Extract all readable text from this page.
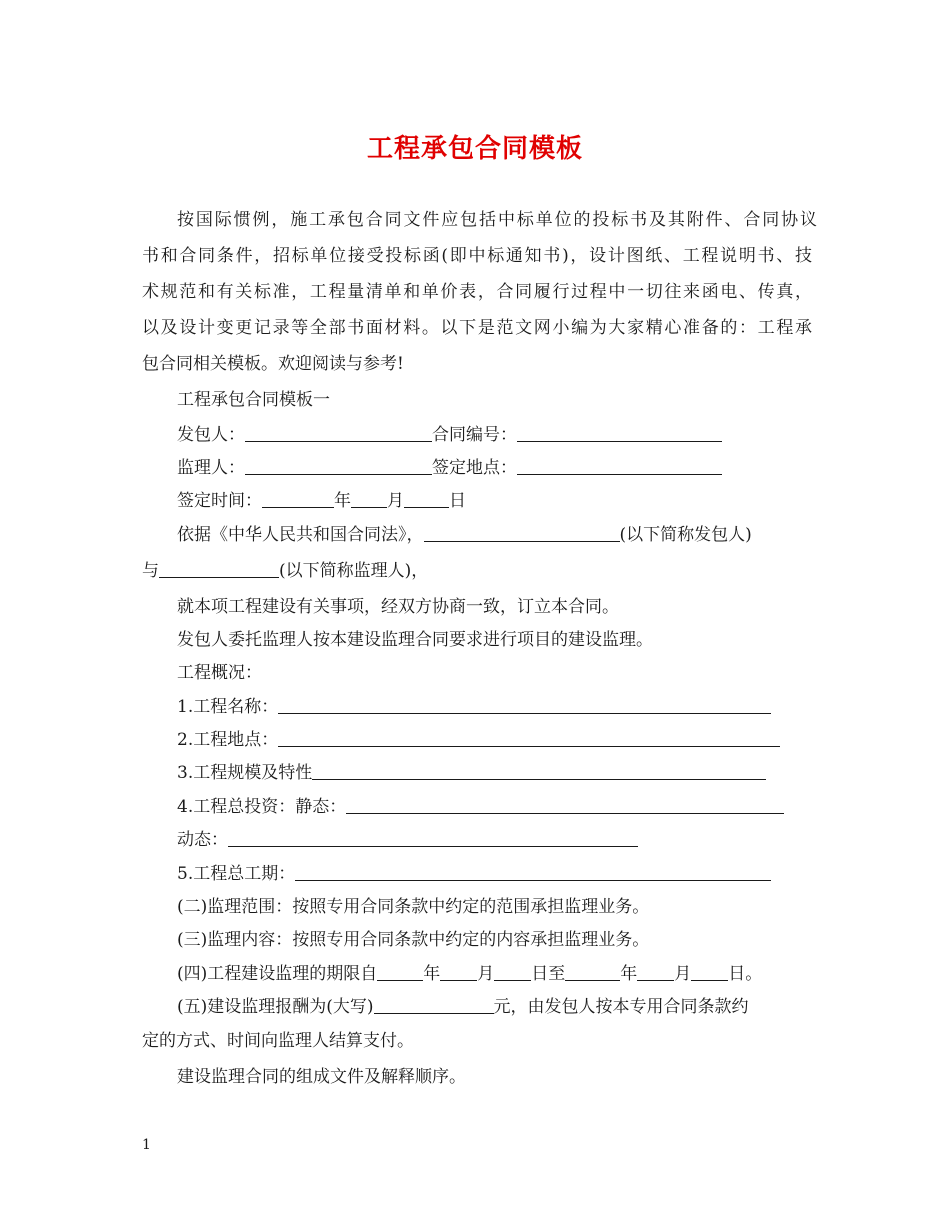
工程承包合同模板
按国际惯例，施工承包合同文件应包括中标单位的投标书及其附件、合同协议
书和合同条件，招标单位接受投标函(即中标通知书)，设计图纸、工程说明书、技
术规范和有关标准，工程量清单和单价表，合同履行过程中一切往来函电、传真，
以及设计变更记录等全部书面材料。以下是范文网小编为大家精心准备的：工程承
包合同相关模板。欢迎阅读与参考!
工程承包合同模板一
发包人：	合同编号：
监理人：	签定地点：
签定时间：	年 月	日
依据《中华人民共和国合同法》，	(以下简称发包人)
与	(以下简称监理人)，
就本项工程建设有关事项，经双方协商一致，订立本合同。
发包人委托监理人按本建设监理合同要求进行项目的建设监理。
工程概况：
1.工程名称：
2.工程地点：
3.工程规模及特性
4.工程总投资：静态：
动态：
5.工程总工期：
(二)监理范围：按照专用合同条款中约定的范围承担监理业务。
(三)监理内容：按照专用合同条款中约定的内容承担监理业务。
(四)工程建设监理的期限自	年 月 日至	年 月 日。
(五)建设监理报酬为(大写)	元，由发包人按本专用合同条款约
定的方式、时间向监理人结算支付。
建设监理合同的组成文件及解释顺序。
1
